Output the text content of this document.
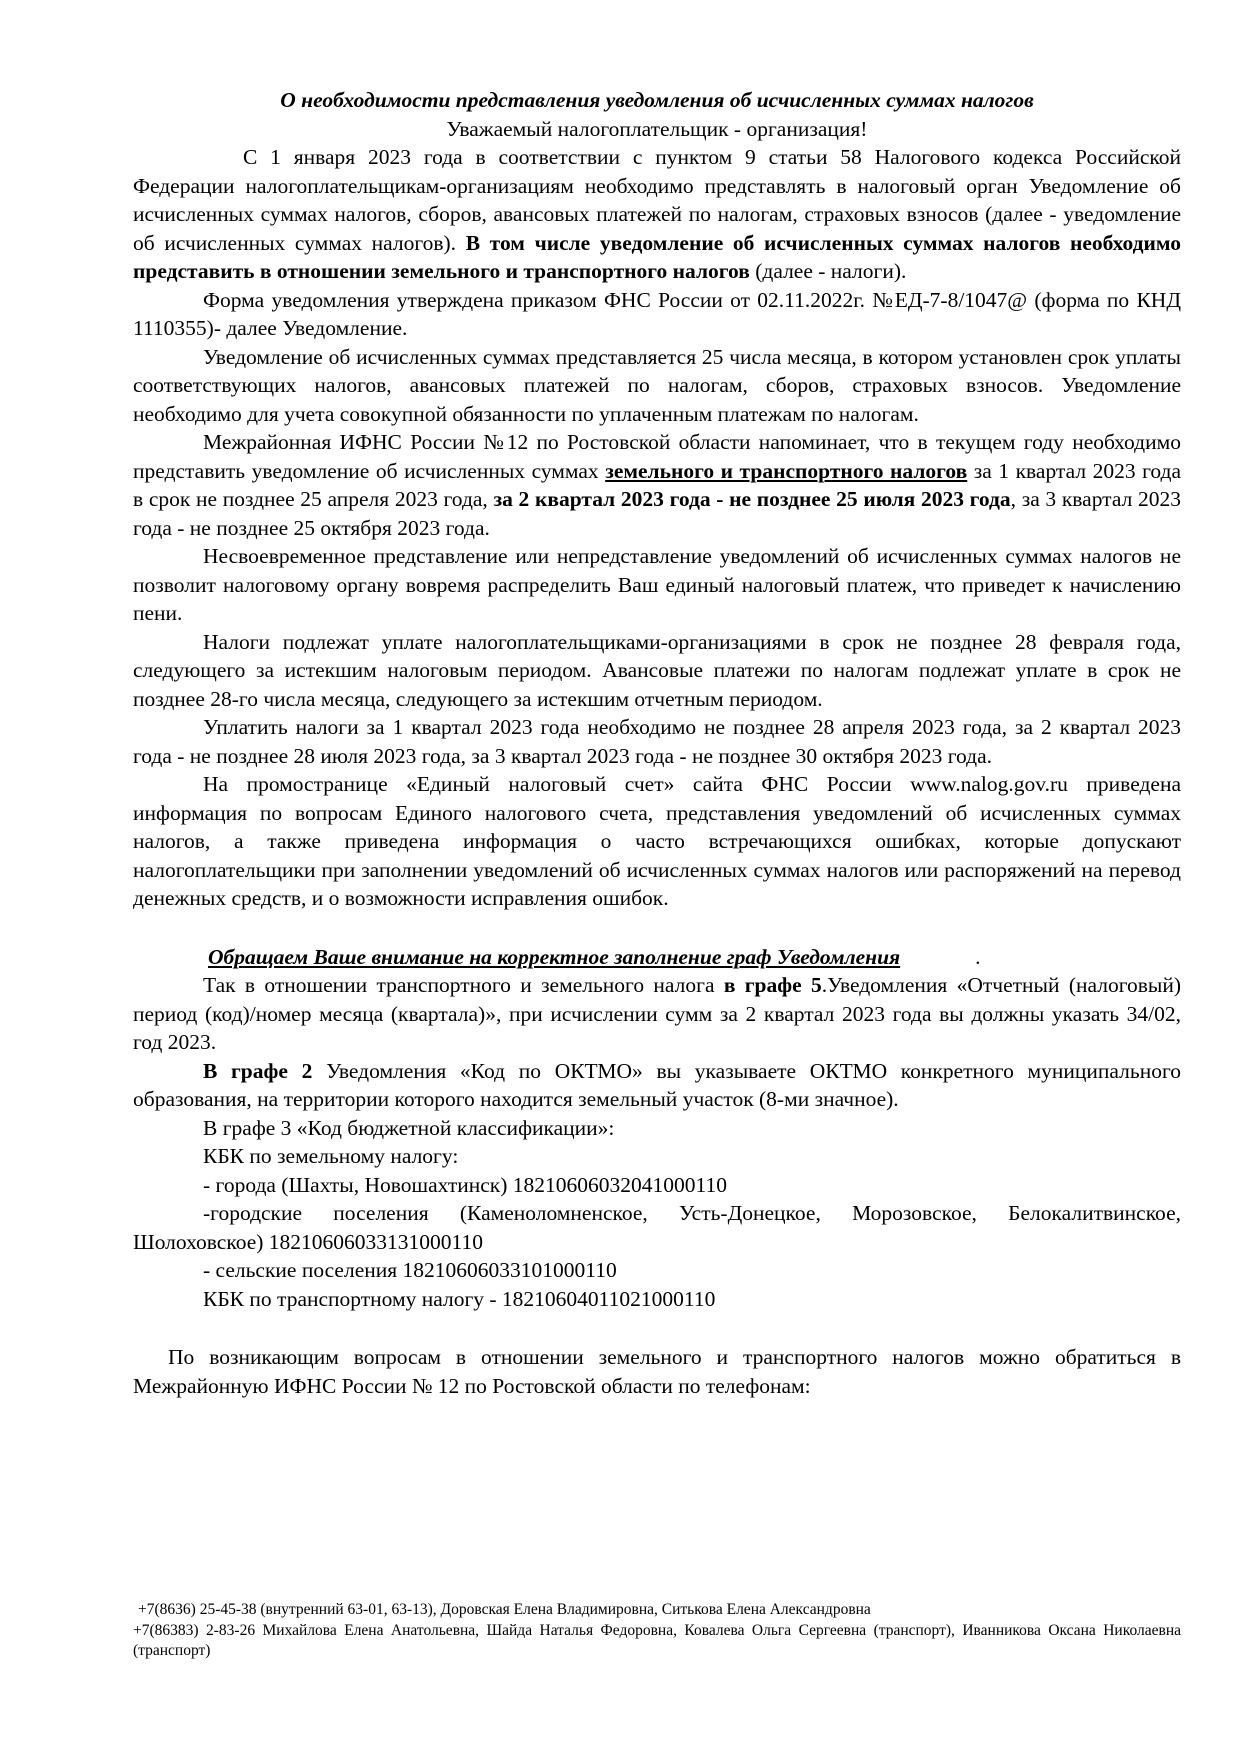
О необходимости представления уведомления об исчисленных суммах налогов

Уважаемый налогоплательщик - организация!

С 1 января 2023 года в соответствии с пунктом 9 статьи 58 Налогового кодекса Российской Федерации налогоплательщикам-организациям необходимо представлять в налоговый орган Уведомление об исчисленных суммах налогов, сборов, авансовых платежей по налогам, страховых взносов (далее - уведомление об исчисленных суммах налогов). В том числе уведомление об исчисленных суммах налогов необходимо представить в отношении земельного и транспортного налогов (далее - налоги).

Форма уведомления утверждена приказом ФНС России от 02.11.2022г. №ЕД-7-8/1047@ (форма по КНД 1110355)- далее Уведомление.

Уведомление об исчисленных суммах представляется 25 числа месяца, в котором установлен срок уплаты соответствующих налогов, авансовых платежей по налогам, сборов, страховых взносов. Уведомление необходимо для учета совокупной обязанности по уплаченным платежам по налогам.

Межрайонная ИФНС России №12 по Ростовской области напоминает, что в текущем году необходимо представить уведомление об исчисленных суммах земельного и транспортного налогов за 1 квартал 2023 года в срок не позднее 25 апреля 2023 года, за 2 квартал 2023 года - не позднее 25 июля 2023 года, за 3 квартал 2023 года - не позднее 25 октября 2023 года.

Несвоевременное представление или непредставление уведомлений об исчисленных суммах налогов не позволит налоговому органу вовремя распределить Ваш единый налоговый платеж, что приведет к начислению пени.

Налоги подлежат уплате налогоплательщиками-организациями в срок не позднее 28 февраля года, следующего за истекшим налоговым периодом. Авансовые платежи по налогам подлежат уплате в срок не позднее 28-го числа месяца, следующего за истекшим отчетным периодом.

Уплатить налоги за 1 квартал 2023 года необходимо не позднее 28 апреля 2023 года, за 2 квартал 2023 года - не позднее 28 июля 2023 года, за 3 квартал 2023 года - не позднее 30 октября 2023 года.

На промостранице «Единый налоговый счет» сайта ФНС России www.nalog.gov.ru приведена информация по вопросам Единого налогового счета, представления уведомлений об исчисленных суммах налогов, а также приведена информация о часто встречающихся ошибках, которые допускают налогоплательщики при заполнении уведомлений об исчисленных суммах налогов или распоряжений на перевод денежных средств, и о возможности исправления ошибок.

Обращаем Ваше внимание на корректное заполнение граф Уведомления	.

Так в отношении транспортного и земельного налога в графе 5.Уведомления «Отчетный (налоговый) период (код)/номер месяца (квартала)», при исчислении сумм за 2 квартал 2023 года вы должны указать 34/02, год 2023.

В графе 2 Уведомления «Код по ОКТМО» вы указываете ОКТМО конкретного муниципального образования, на территории которого находится земельный участок (8-ми значное).

В графе 3 «Код бюджетной классификации»:

КБК по земельному налогу:

- города (Шахты, Новошахтинск) 18210606032041000110

-городские поселения (Каменоломненское, Усть-Донецкое, Морозовское, Белокалитвинское, Шолоховское) 18210606033131000110

- сельские поселения 18210606033101000110

КБК по транспортному налогу - 18210604011021000110

По возникающим вопросам в отношении земельного и транспортного налогов можно обратиться в Межрайонную ИФНС России № 12 по Ростовской области по телефонам:

+7(8636) 25-45-38 (внутренний 63-01, 63-13), Доровская Елена Владимировна, Ситькова Елена Александровна

+7(86383) 2-83-26 Михайлова Елена Анатольевна, Шайда Наталья Федоровна, Ковалева Ольга Сергеевна (транспорт), Иванникова Оксана Николаевна (транспорт)
